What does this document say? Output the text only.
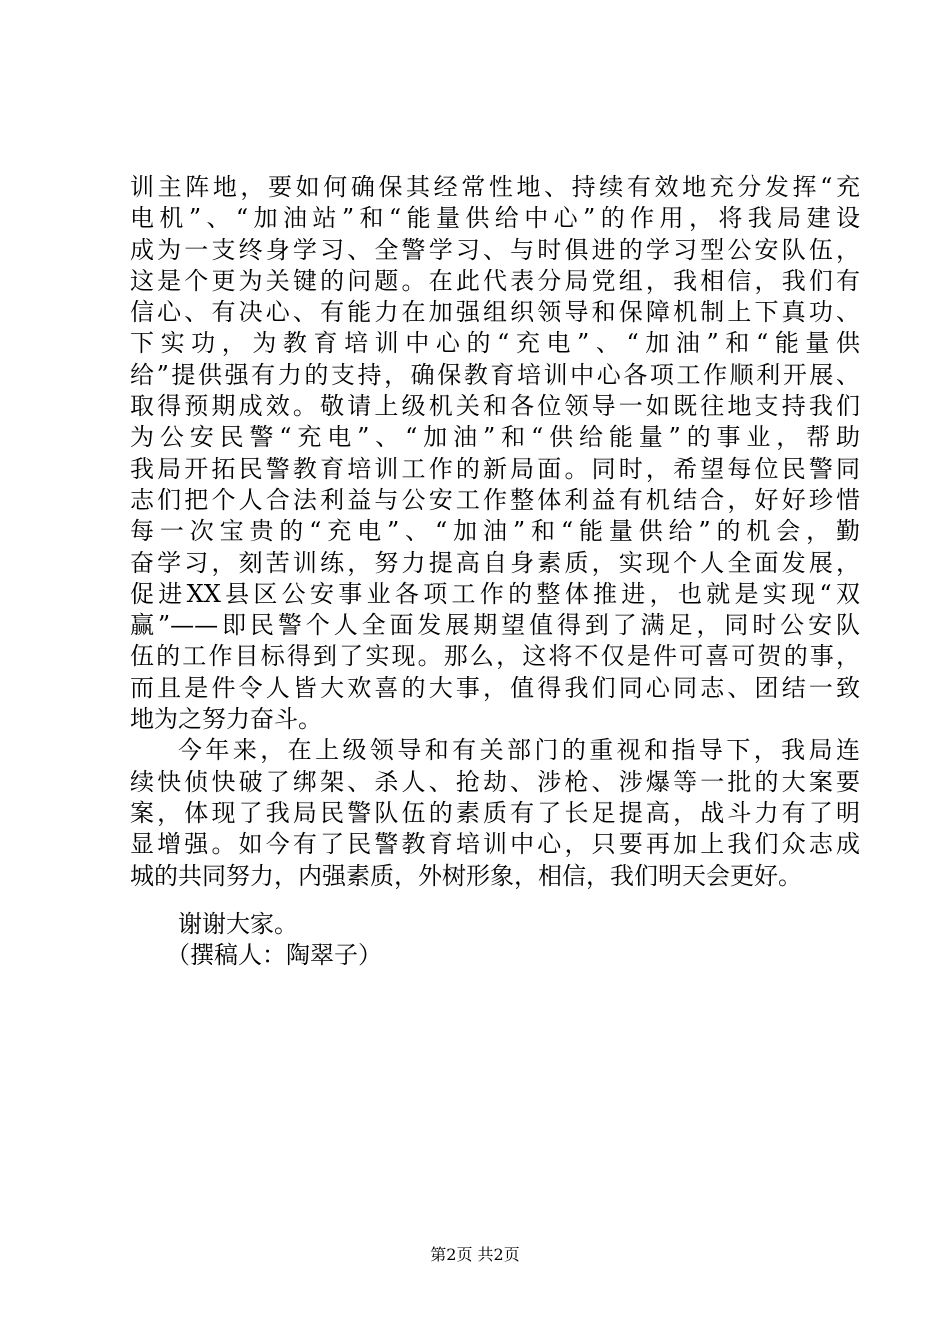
训主阵地，要如何确保其经常性地、持续有效地充分发挥“充
电机”、“加油站”和“能量供给中心”的作用，将我局建设
成为一支终身学习、全警学习、与时俱进的学习型公安队伍，
这是个更为关键的问题。在此代表分局党组，我相信，我们有
信心、有决心、有能力在加强组织领导和保障机制上下真功、
下实功，为教育培训中心的“充电”、“加油”和“能量供
给”提供强有力的支持，确保教育培训中心各项工作顺利开展、
取得预期成效。敬请上级机关和各位领导一如既往地支持我们
为公安民警“充电”、“加油”和“供给能量”的事业，帮助
我局开拓民警教育培训工作的新局面。同时，希望每位民警同
志们把个人合法利益与公安工作整体利益有机结合，好好珍惜
每一次宝贵的“充电”、“加油”和“能量供给”的机会，勤
奋学习，刻苦训练，努力提高自身素质，实现个人全面发展，
促进XX县区公安事业各项工作的整体推进，也就是实现“双
赢”——即民警个人全面发展期望值得到了满足，同时公安队
伍的工作目标得到了实现。那么，这将不仅是件可喜可贺的事，
而且是件令人皆大欢喜的大事，值得我们同心同志、团结一致
地为之努力奋斗。
今年来，在上级领导和有关部门的重视和指导下，我局连
续快侦快破了绑架、杀人、抢劫、涉枪、涉爆等一批的大案要
案，体现了我局民警队伍的素质有了长足提高，战斗力有了明
显增强。如今有了民警教育培训中心，只要再加上我们众志成
城的共同努力，内强素质，外树形象，相信，我们明天会更好。
谢谢大家。
（撰稿人：陶翠子）
第2页 共2页
